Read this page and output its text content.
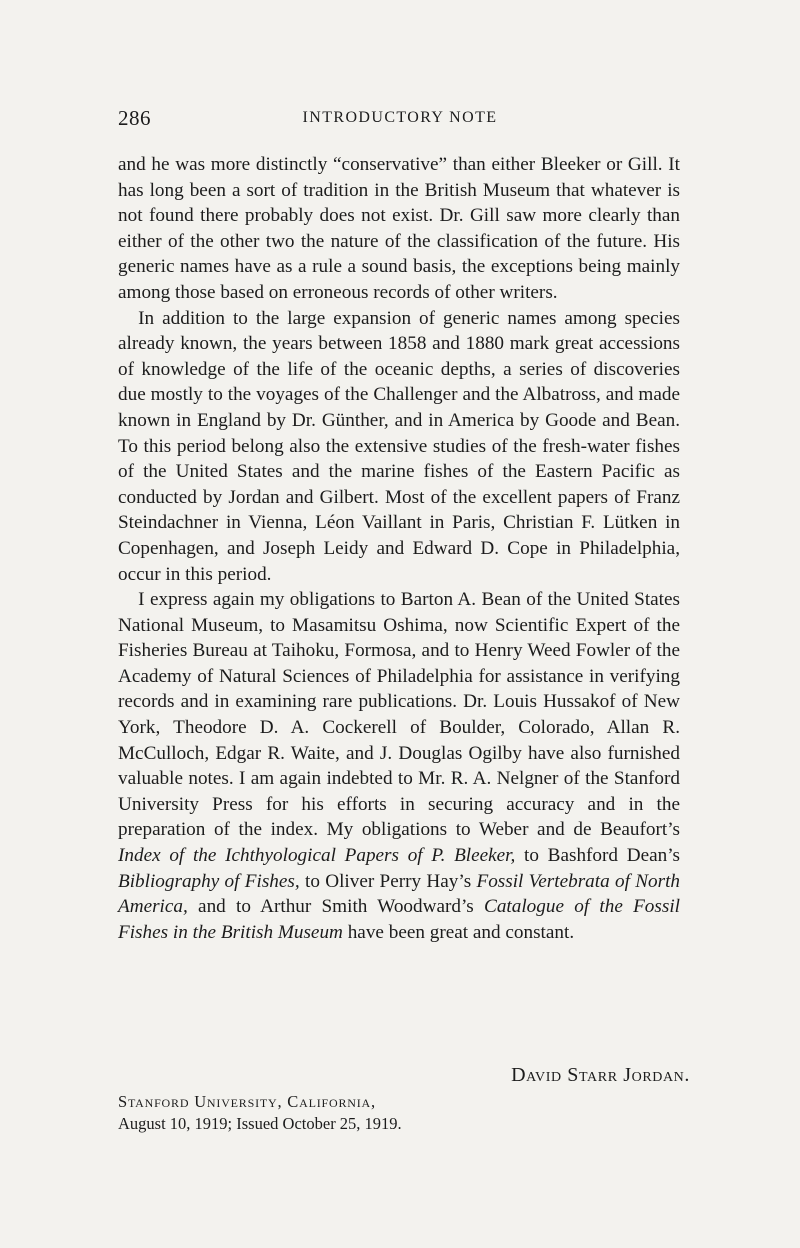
286	INTRODUCTORY NOTE

and he was more distinctly “conservative” than either Bleeker or Gill. It has long been a sort of tradition in the British Museum that whatever is not found there probably does not exist. Dr. Gill saw more clearly than either of the other two the nature of the classification of the future. His generic names have as a rule a sound basis, the exceptions being mainly among those based on erroneous records of other writers.

In addition to the large expansion of generic names among species already known, the years between 1858 and 1880 mark great accessions of knowledge of the life of the oceanic depths, a series of discoveries due mostly to the voyages of the Challenger and the Albatross, and made known in England by Dr. Günther, and in America by Goode and Bean. To this period belong also the extensive studies of the fresh-water fishes of the United States and the marine fishes of the Eastern Pacific as conducted by Jordan and Gilbert. Most of the excellent papers of Franz Steindachner in Vienna, Léon Vaillant in Paris, Christian F. Lütken in Copenhagen, and Joseph Leidy and Edward D. Cope in Philadelphia, occur in this period.

I express again my obligations to Barton A. Bean of the United States National Museum, to Masamitsu Oshima, now Scientific Expert of the Fisheries Bureau at Taihoku, Formosa, and to Henry Weed Fowler of the Academy of Natural Sciences of Philadelphia for assistance in verifying records and in examining rare publications. Dr. Louis Hussakof of New York, Theodore D. A. Cockerell of Boulder, Colorado, Allan R. McCulloch, Edgar R. Waite, and J. Douglas Ogilby have also furnished valuable notes. I am again indebted to Mr. R. A. Nelgner of the Stanford University Press for his efforts in securing accuracy and in the preparation of the index. My obligations to Weber and de Beaufort’s Index of the Ichthyological Papers of P. Bleeker, to Bashford Dean’s Bibliography of Fishes, to Oliver Perry Hay’s Fossil Vertebrata of North America, and to Arthur Smith Woodward’s Catalogue of the Fossil Fishes in the British Museum have been great and constant.

David Starr Jordan.
Stanford University, California,
August 10, 1919; Issued October 25, 1919.
